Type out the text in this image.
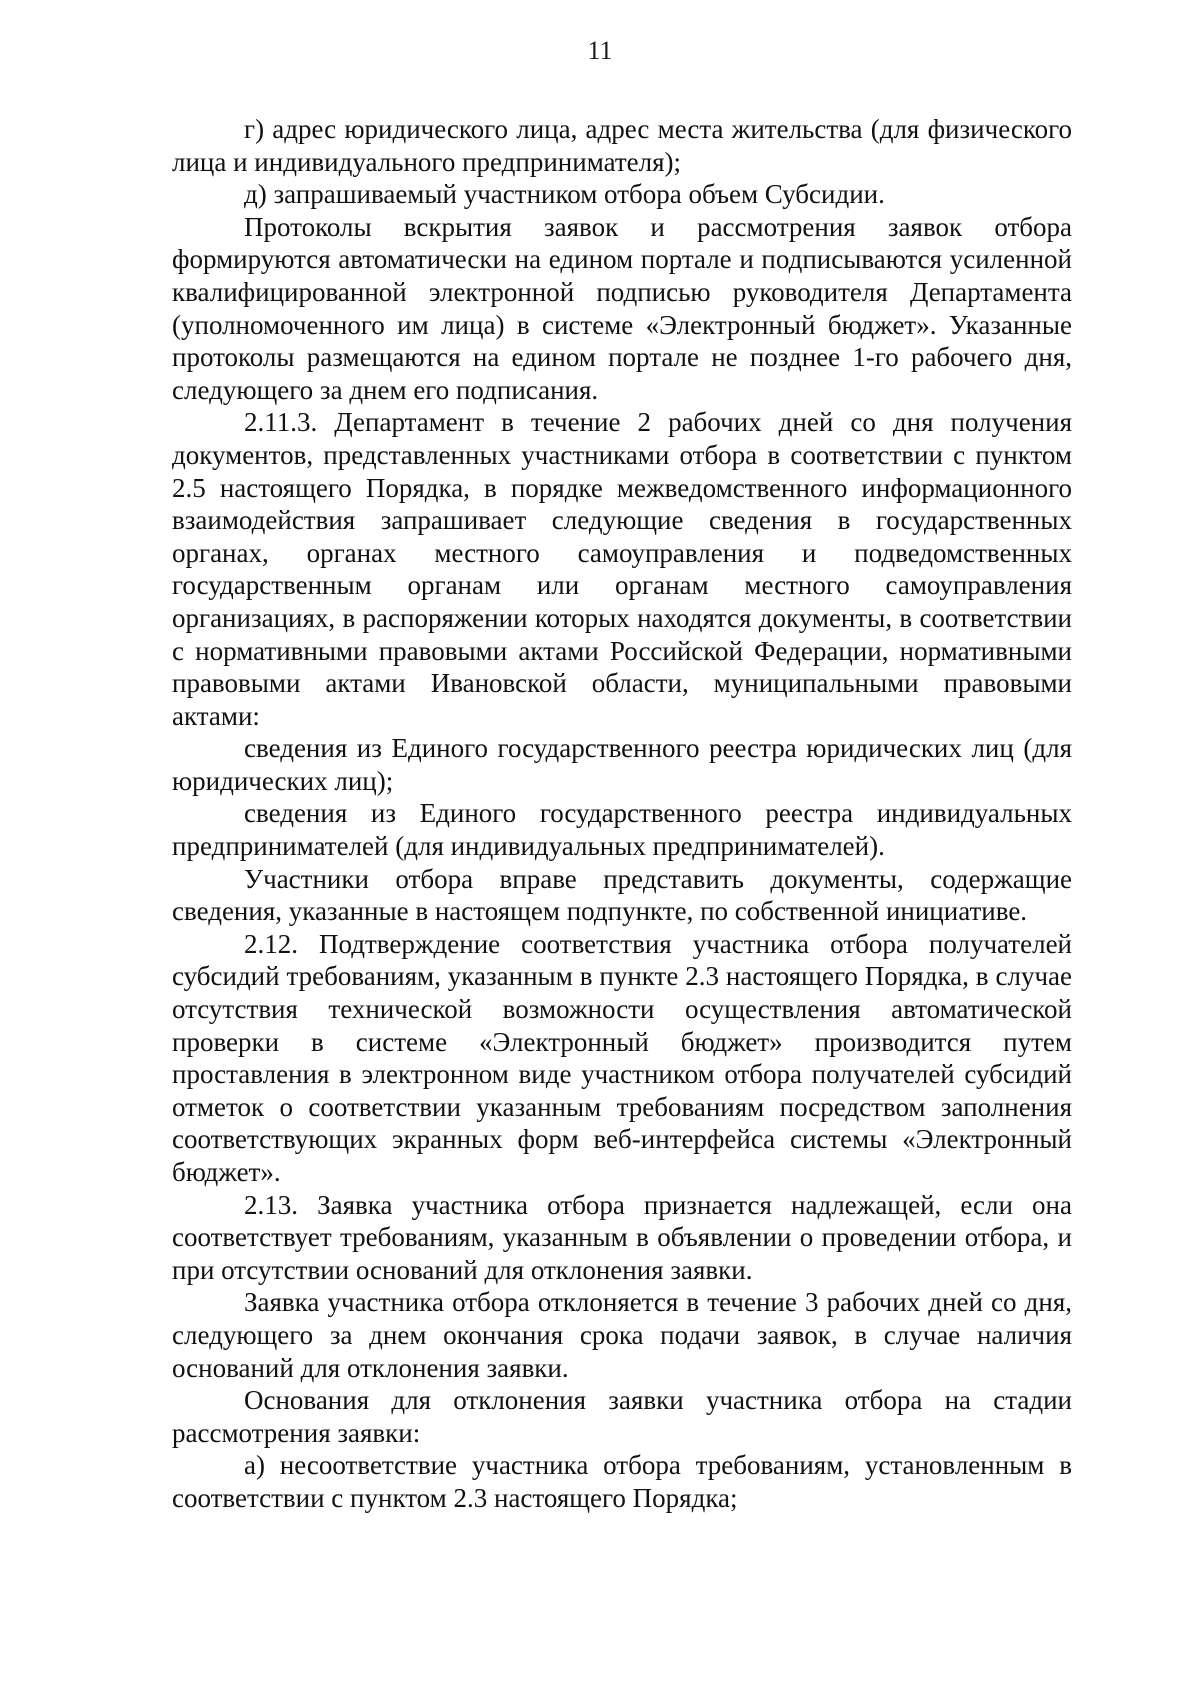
11

г) адрес юридического лица, адрес места жительства (для физического лица и индивидуального предпринимателя);

д) запрашиваемый участником отбора объем Субсидии.

Протоколы вскрытия заявок и рассмотрения заявок отбора формируются автоматически на едином портале и подписываются усиленной квалифицированной электронной подписью руководителя Департамента (уполномоченного им лица) в системе «Электронный бюджет». Указанные протоколы размещаются на едином портале не позднее 1-го рабочего дня, следующего за днем его подписания.

2.11.3. Департамент в течение 2 рабочих дней со дня получения документов, представленных участниками отбора в соответствии с пунктом 2.5 настоящего Порядка, в порядке межведомственного информационного взаимодействия запрашивает следующие сведения в государственных органах, органах местного самоуправления и подведомственных государственным органам или органам местного самоуправления организациях, в распоряжении которых находятся документы, в соответствии с нормативными правовыми актами Российской Федерации, нормативными правовыми актами Ивановской области, муниципальными правовыми актами:

сведения из Единого государственного реестра юридических лиц (для юридических лиц);

сведения из Единого государственного реестра индивидуальных предпринимателей (для индивидуальных предпринимателей).

Участники отбора вправе представить документы, содержащие сведения, указанные в настоящем подпункте, по собственной инициативе.

2.12. Подтверждение соответствия участника отбора получателей субсидий требованиям, указанным в пункте 2.3 настоящего Порядка, в случае отсутствия технической возможности осуществления автоматической проверки в системе «Электронный бюджет» производится путем проставления в электронном виде участником отбора получателей субсидий отметок о соответствии указанным требованиям посредством заполнения соответствующих экранных форм веб-интерфейса системы «Электронный бюджет».

2.13. Заявка участника отбора признается надлежащей, если она соответствует требованиям, указанным в объявлении о проведении отбора, и при отсутствии оснований для отклонения заявки.

Заявка участника отбора отклоняется в течение 3 рабочих дней со дня, следующего за днем окончания срока подачи заявок, в случае наличия оснований для отклонения заявки.

Основания для отклонения заявки участника отбора на стадии рассмотрения заявки:

а) несоответствие участника отбора требованиям, установленным в соответствии с пунктом 2.3 настоящего Порядка;
